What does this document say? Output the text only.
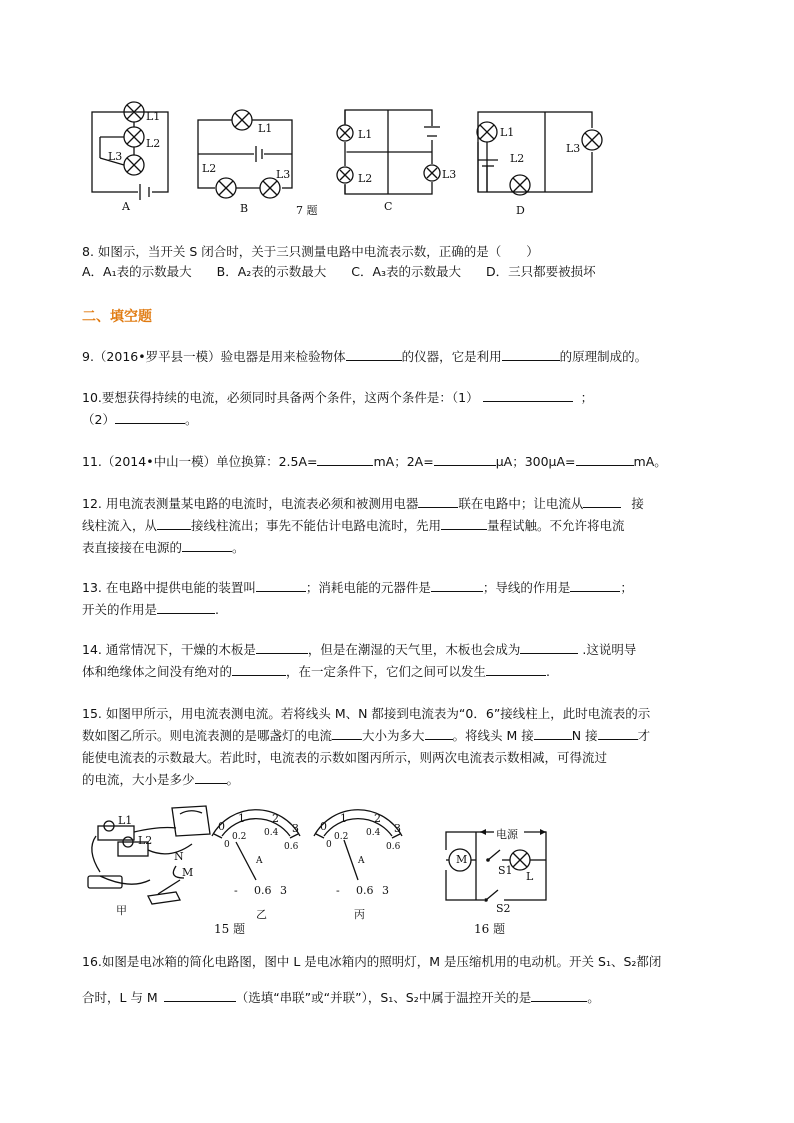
L1
L2
L3
A
L1
L2	L3
B	7 题
L1
L2	L3
C
L1
L2
L3
D
8. 如图示，当开关 S 闭合时，关于三只测量电路中电流表示数，正确的是（　　）
A．A₁表的示数最大　　B．A₂表的示数最大　　C．A₃表的示数最大　　D．三只都要被损坏
二、填空题
9.（2016•罗平县一模）验电器是用来检验物体	的仪器，它是利用	的原理制成的。
10.要想获得持续的电流，必须同时具备两个条件，这两个条件是：（1）	；
（2）	。
11.（2014•中山一模）单位换算：2.5A=	mA；2A=	μA；300μA=	mA。
12. 用电流表测量某电路的电流时，电流表必须和被测用电器	联在电路中；让电流从	接
线柱流入，从	接线柱流出；事先不能估计电路电流时，先用	量程试触。不允许将电流
表直接接在电源的	。
13. 在电路中提供电能的装置叫	；消耗电能的元器件是	；导线的作用是	；
开关的作用是	.
14. 通常情况下，干燥的木板是	，但是在潮湿的天气里，木板也会成为	.这说明导
体和绝缘体之间没有绝对的	，在一定条件下，它们之间可以发生	.
15. 如图甲所示，用电流表测电流。若将线头 M、N 都接到电流表为“0．6”接线柱上，此时电流表的示
数如图乙所示。则电流表测的是哪盏灯的电流 大小为多大 。将线头 M 接	N 接	才
能使电流表的示数最大。若此时，电流表的示数如图丙所示，则两次电流表示数相减，可得流过
的电流，大小是多少	。
L1
L2
N
M
甲
0
1 2
3
0
0.2 0.4
0.6
A
- 0.6 3
乙
0
1 2
3
0
0.2 0.4
0.6
A
- 0.6 3
丙
15 题
M
电源
S1 L
S2
16 题
16.如图是电冰箱的简化电路图，图中 L 是电冰箱内的照明灯，M 是压缩机用的电动机。开关 S₁、S₂都闭
合时，L 与 M	（选填“串联”或“并联”），S₁、S₂中属于温控开关的是	。
